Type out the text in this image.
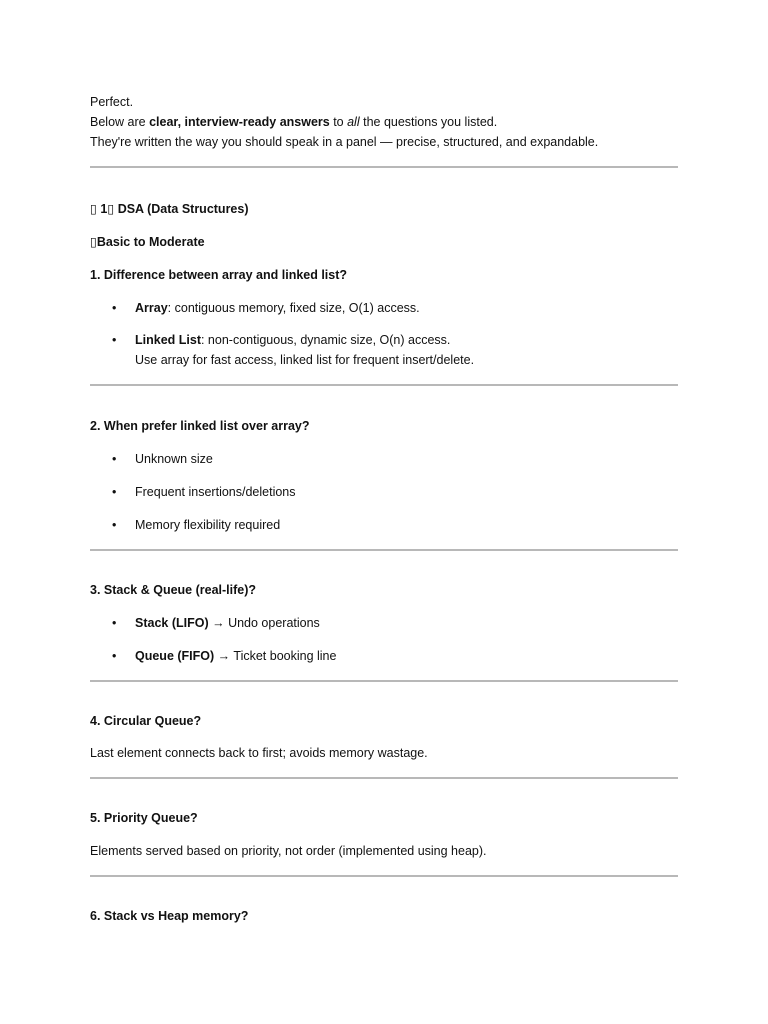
Perfect.

Below are clear, interview-ready answers to all the questions you listed.

They're written the way you should speak in a panel — precise, structured, and expandable.

▯ 1▯ DSA (Data Structures)
▯Basic to Moderate
1. Difference between array and linked list?
• Array: contiguous memory, fixed size, O(1) access.
• Linked List: non-contiguous, dynamic size, O(n) access.
Use array for fast access, linked list for frequent insert/delete.
2. When prefer linked list over array?
• Unknown size
• Frequent insertions/deletions
• Memory flexibility required
3. Stack & Queue (real-life)?
• Stack (LIFO) → Undo operations
• Queue (FIFO) → Ticket booking line
4. Circular Queue?

Last element connects back to first; avoids memory wastage.

5. Priority Queue?

Elements served based on priority, not order (implemented using heap).

6. Stack vs Heap memory?
